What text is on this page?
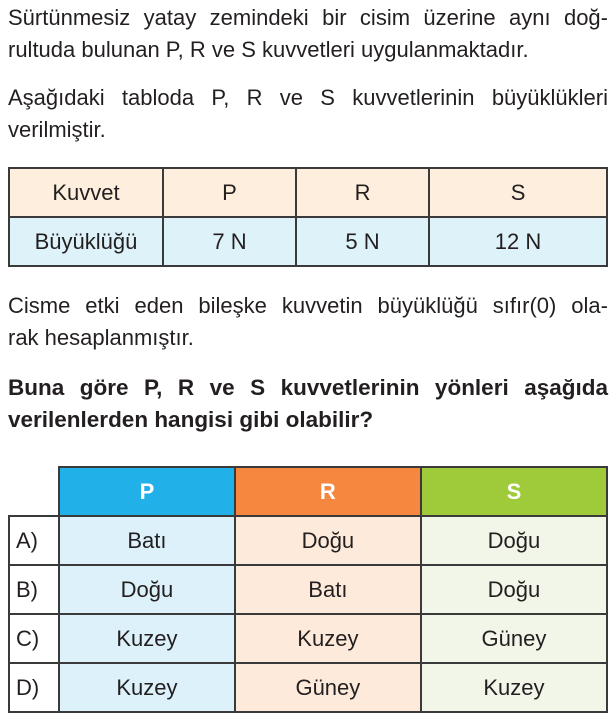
Sürtünmesiz yatay zemindeki bir cisim üzerine aynı doğ-
rultuda bulunan P, R ve S kuvvetleri uygulanmaktadır.

Aşağıdaki tabloda P, R ve S kuvvetlerinin büyüklükleri
verilmiştir.

Kuvvet	P	R	S
Büyüklüğü	7 N	5 N	12 N

Cisme etki eden bileşke kuvvetin büyüklüğü sıfır(0) ola-
rak hesaplanmıştır.

Buna göre P, R ve S kuvvetlerinin yönleri aşağıda
verilenlerden hangisi gibi olabilir?

	P	R	S
A)	Batı	Doğu	Doğu
B)	Doğu	Batı	Doğu
C)	Kuzey	Kuzey	Güney
D)	Kuzey	Güney	Kuzey
